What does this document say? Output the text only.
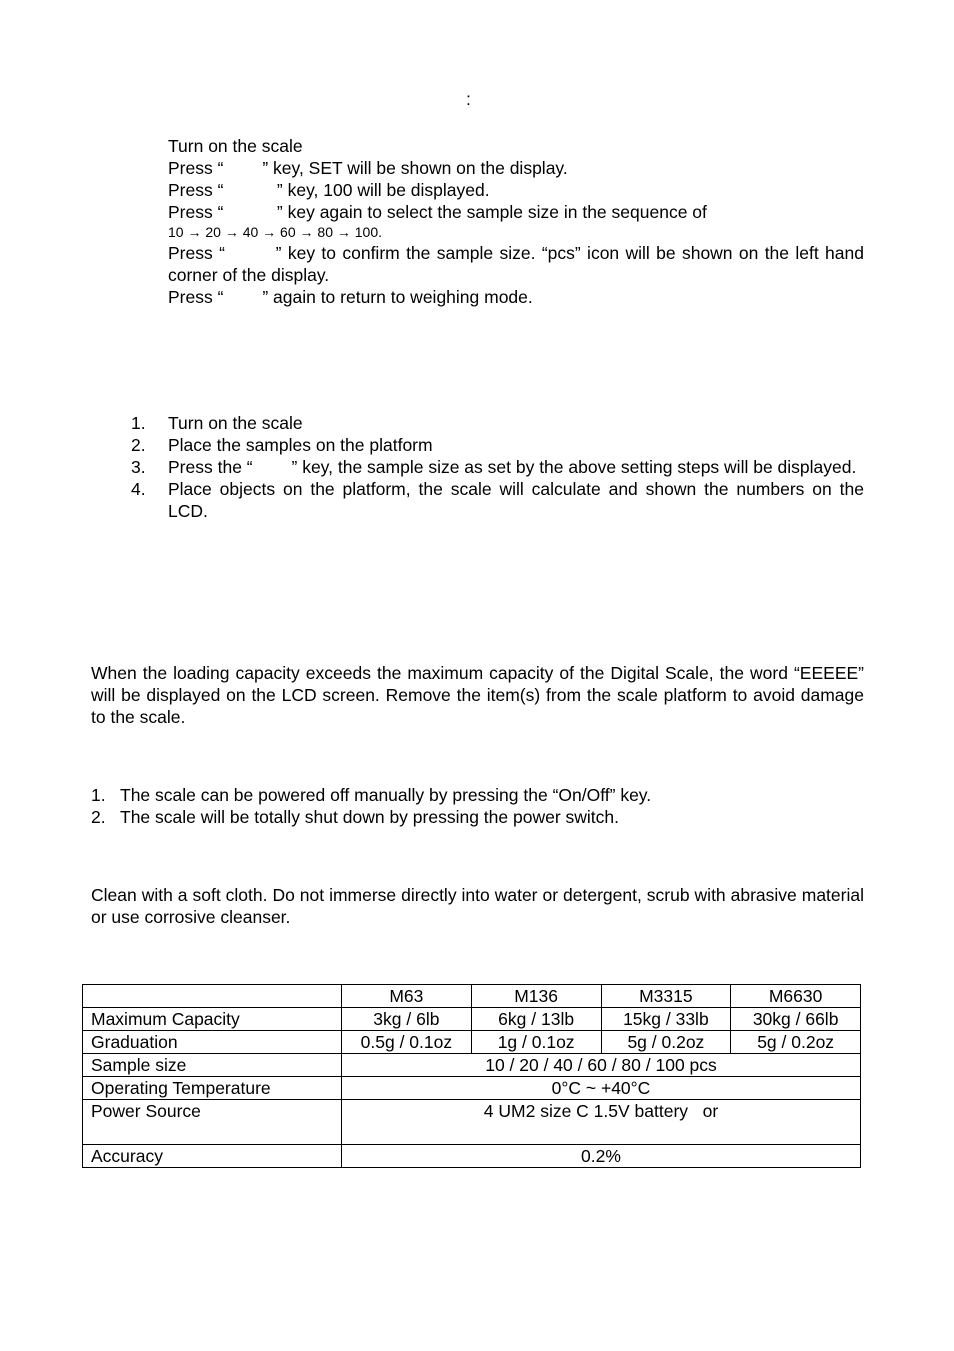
:
Turn on the scale
Press “        ” key, SET will be shown on the display.
Press “           ” key, 100 will be displayed.
Press “           ” key again to select the sample size in the sequence of
10 → 20 → 40 → 60 → 80 → 100.
Press “        ” key to confirm the sample size. “pcs” icon will be shown on the left hand corner of the display.
Press “        ” again to return to weighing mode.
1. Turn on the scale
2. Place the samples on the platform
3. Press the “        ” key, the sample size as set by the above setting steps will be displayed.
4. Place objects on the platform, the scale will calculate and shown the numbers on the LCD.
When the loading capacity exceeds the maximum capacity of the Digital Scale, the word “EEEEE” will be displayed on the LCD screen. Remove the item(s) from the scale platform to avoid damage to the scale.
1. The scale can be powered off manually by pressing the “On/Off” key.
2. The scale will be totally shut down by pressing the power switch.
Clean with a soft cloth. Do not immerse directly into water or detergent, scrub with abrasive material or use corrosive cleanser.
	M63	M136	M3315	M6630
Maximum Capacity	3kg / 6lb	6kg / 13lb	15kg / 33lb	30kg / 66lb
Graduation	0.5g / 0.1oz	1g / 0.1oz	5g / 0.2oz	5g / 0.2oz
Sample size	10 / 20 / 40 / 60 / 80 / 100 pcs			
Operating Temperature	0°C ~ +40°C			
Power Source	4 UM2 size C 1.5V battery   or			
Accuracy	0.2%			
